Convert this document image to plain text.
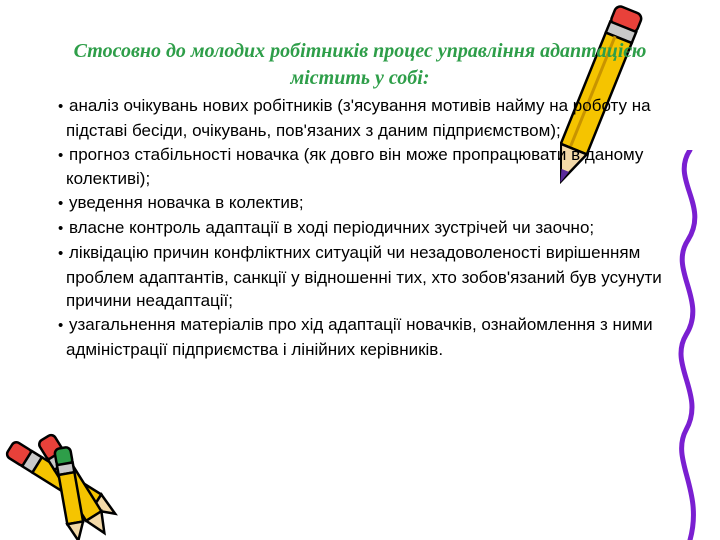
Стосовно до молодих робітників процес управління адаптацією містить у собі:
• аналіз очікувань нових робітників (з'ясування мотивів найму на роботу на підставі бесіди, очікувань, пов'язаних з даним підприємством);
• прогноз стабільності новачка (як довго він може пропрацювати в даному колективі);
• уведення новачка в колектив;
• власне контроль адаптації в ході періодичних зустрічей чи заочно;
• ліквідацію причин конфліктних ситуацій чи незадоволеності вирішенням проблем адаптантів, санкції у відношенні тих, хто зобов'язаний був усунути причини неадаптації;
• узагальнення матеріалів про хід адаптації новачків, ознайомлення з ними адміністрації підприємства і лінійних керівників.
